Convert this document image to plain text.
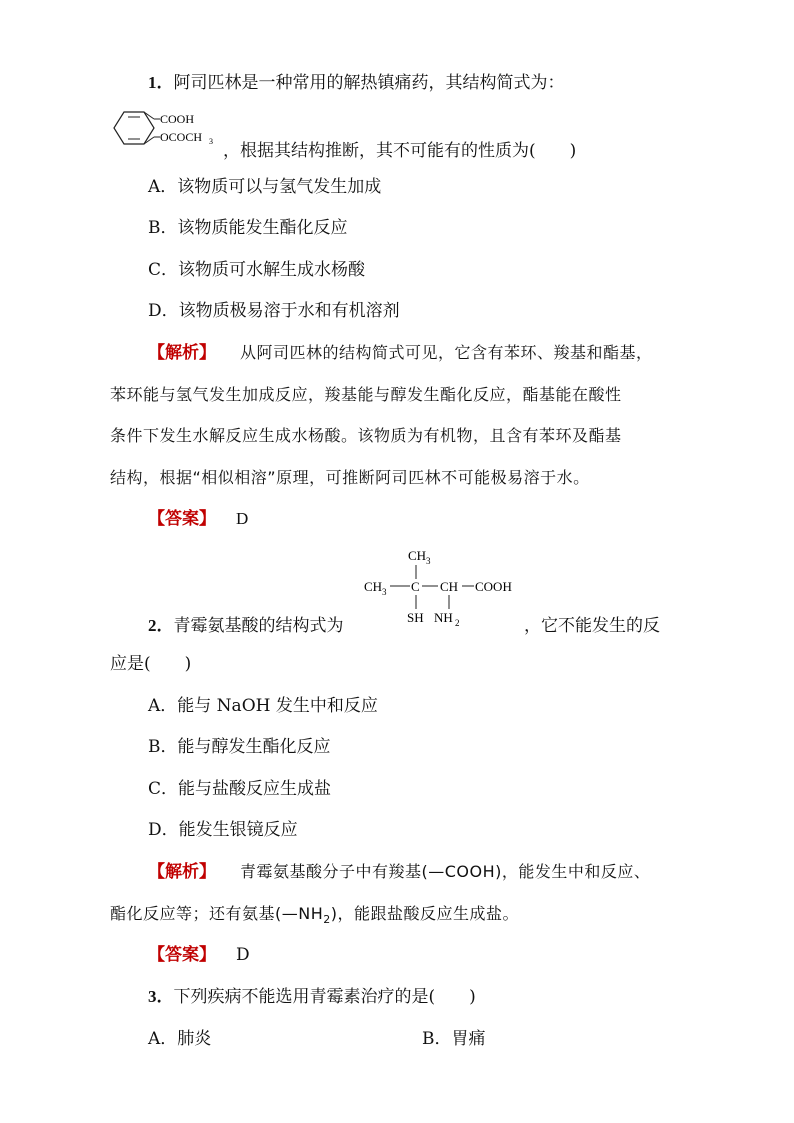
1．阿司匹林是一种常用的解热镇痛药，其结构简式为：
COOH
OCOCH 3 ，根据其结构推断，其不可能有的性质为(　　)
A．该物质可以与氢气发生加成
B．该物质能发生酯化反应
C．该物质可水解生成水杨酸
D．该物质极易溶于水和有机溶剂
【解析】 从阿司匹林的结构简式可见，它含有苯环、羧基和酯基，
苯环能与氢气发生加成反应，羧基能与醇发生酯化反应，酯基能在酸性
条件下发生水解反应生成水杨酸。该物质为有机物，且含有苯环及酯基
结构，根据“相似相溶”原理，可推断阿司匹林不可能极易溶于水。
【答案】 D
CH 3
CH 3 C CH COOH
SH NH 2
2．青霉氨基酸的结构式为	，它不能发生的反
应是(　　)
A．能与 NaOH 发生中和反应
B．能与醇发生酯化反应
C．能与盐酸反应生成盐
D．能发生银镜反应
【解析】 青霉氨基酸分子中有羧基(—COOH)，能发生中和反应、
酯化反应等；还有氨基$(—NH_2)$，能跟盐酸反应生成盐。
【答案】 D
3．下列疾病不能选用青霉素治疗的是(　　)
A．肺炎	B．胃痛
